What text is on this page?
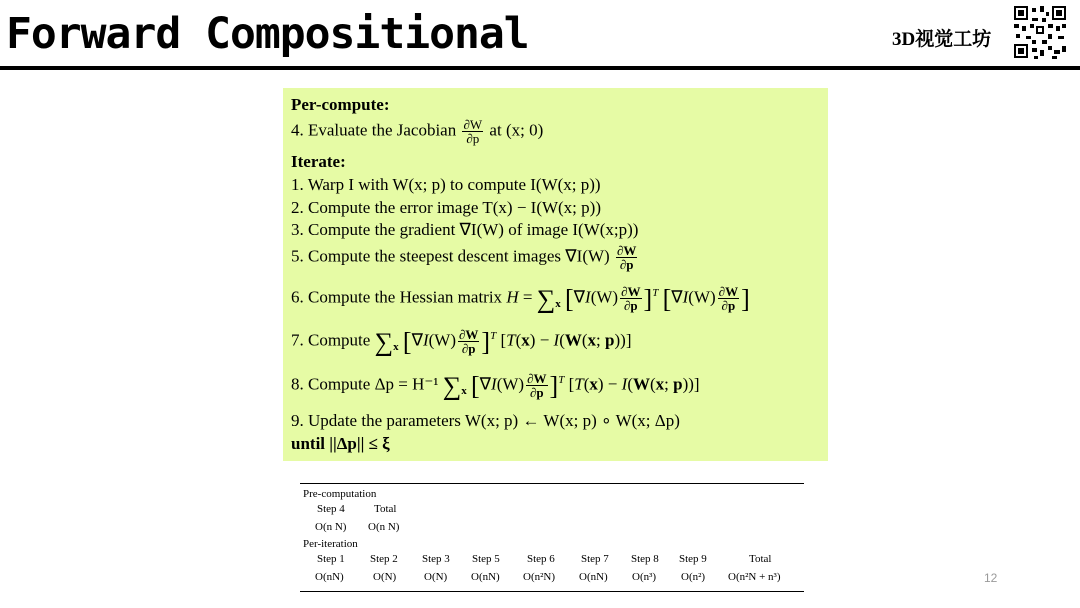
Forward Compositional	3D视觉工坊
Per-compute:
4. Evaluate the Jacobian $\frac{\partial W}{\partial p}$ at (x; 0)
Iterate:
1. Warp I with W(x; p) to compute I(W(x; p))
2. Compute the error image T(x) − I(W(x; p))
3. Compute the gradient ∇I(W) of image I(W(x;p))
5. Compute the steepest descent images $\nabla I(W) \frac{\partial W}{\partial p}$
6. Compute the Hessian matrix $H = \sum_x$ $[\nabla I(W) \frac{\partial W}{\partial p} ]^T$ [$\nabla I(W) \frac{\partial W}{\partial p}$ ]
7. Compute $\sum_x$ $[\nabla I(W) \frac{\partial W}{\partial p} ]^T$ [T(x) − I(W(x; p))]
8. Compute Δp = H⁻¹ $\sum_x$ $[\nabla I(W) \frac{\partial W}{\partial p} ]^T$ [T(x) − I(W(x; p))]
9. Update the parameters W(x; p) ← W(x; p) ∘ W(x; Δp)
until ||Δp|| ≤ ξ
Pre-computation
Step 4	Total
O(n N) O(n N)
Per-iteration
Step 1 Step 2 Step 3 Step 5 Step 6 Step 7 Step 8 Step 9	Total
O(nN)	O(N)	O(N) O(nN) O(n²N) O(nN) O(n³) O(n²) O(n²N + n³)	12
